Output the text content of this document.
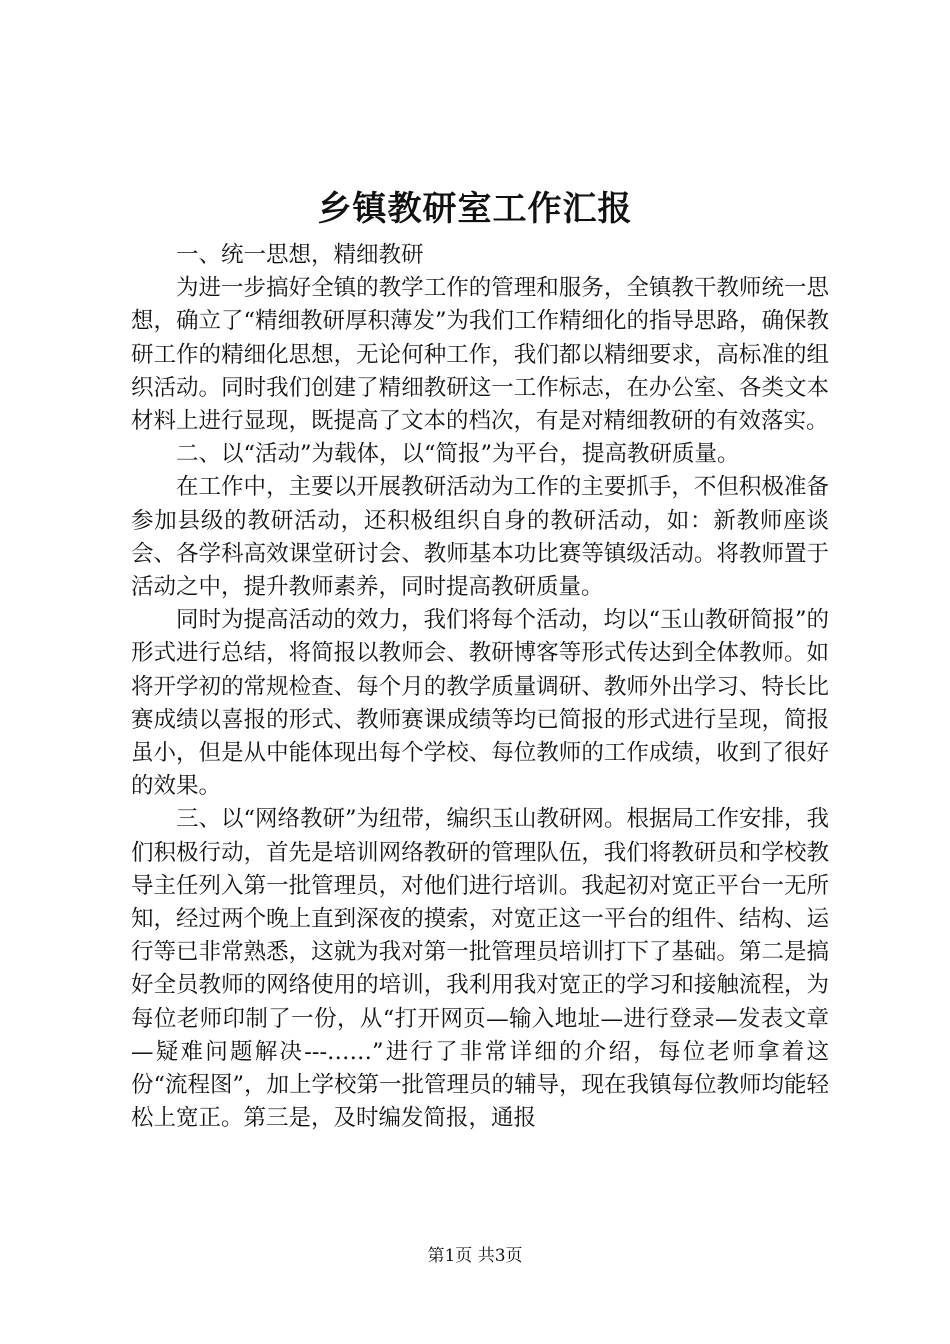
乡镇教研室工作汇报

一、统一思想，精细教研

为进一步搞好全镇的教学工作的管理和服务，全镇教干教师统一思想，确立了“精细教研厚积薄发”为我们工作精细化的指导思路，确保教研工作的精细化思想，无论何种工作，我们都以精细要求，高标准的组织活动。同时我们创建了精细教研这一工作标志，在办公室、各类文本材料上进行显现，既提高了文本的档次，有是对精细教研的有效落实。

二、以“活动”为载体，以“简报”为平台，提高教研质量。

在工作中，主要以开展教研活动为工作的主要抓手，不但积极准备参加县级的教研活动，还积极组织自身的教研活动，如：新教师座谈会、各学科高效课堂研讨会、教师基本功比赛等镇级活动。将教师置于活动之中，提升教师素养，同时提高教研质量。

同时为提高活动的效力，我们将每个活动，均以“玉山教研简报”的形式进行总结，将简报以教师会、教研博客等形式传达到全体教师。如将开学初的常规检查、每个月的教学质量调研、教师外出学习、特长比赛成绩以喜报的形式、教师赛课成绩等均已简报的形式进行呈现，简报虽小，但是从中能体现出每个学校、每位教师的工作成绩，收到了很好的效果。

三、以“网络教研”为纽带，编织玉山教研网。根据局工作安排，我们积极行动，首先是培训网络教研的管理队伍，我们将教研员和学校教导主任列入第一批管理员，对他们进行培训。我起初对宽正平台一无所知，经过两个晚上直到深夜的摸索，对宽正这一平台的组件、结构、运行等已非常熟悉，这就为我对第一批管理员培训打下了基础。第二是搞好全员教师的网络使用的培训，我利用我对宽正的学习和接触流程，为每位老师印制了一份，从“打开网页—输入地址—进行登录—发表文章—疑难问题解决---……”进行了非常详细的介绍，每位老师拿着这份“流程图”，加上学校第一批管理员的辅导，现在我镇每位教师均能轻松上宽正。第三是，及时编发简报，通报

第1页 共3页
